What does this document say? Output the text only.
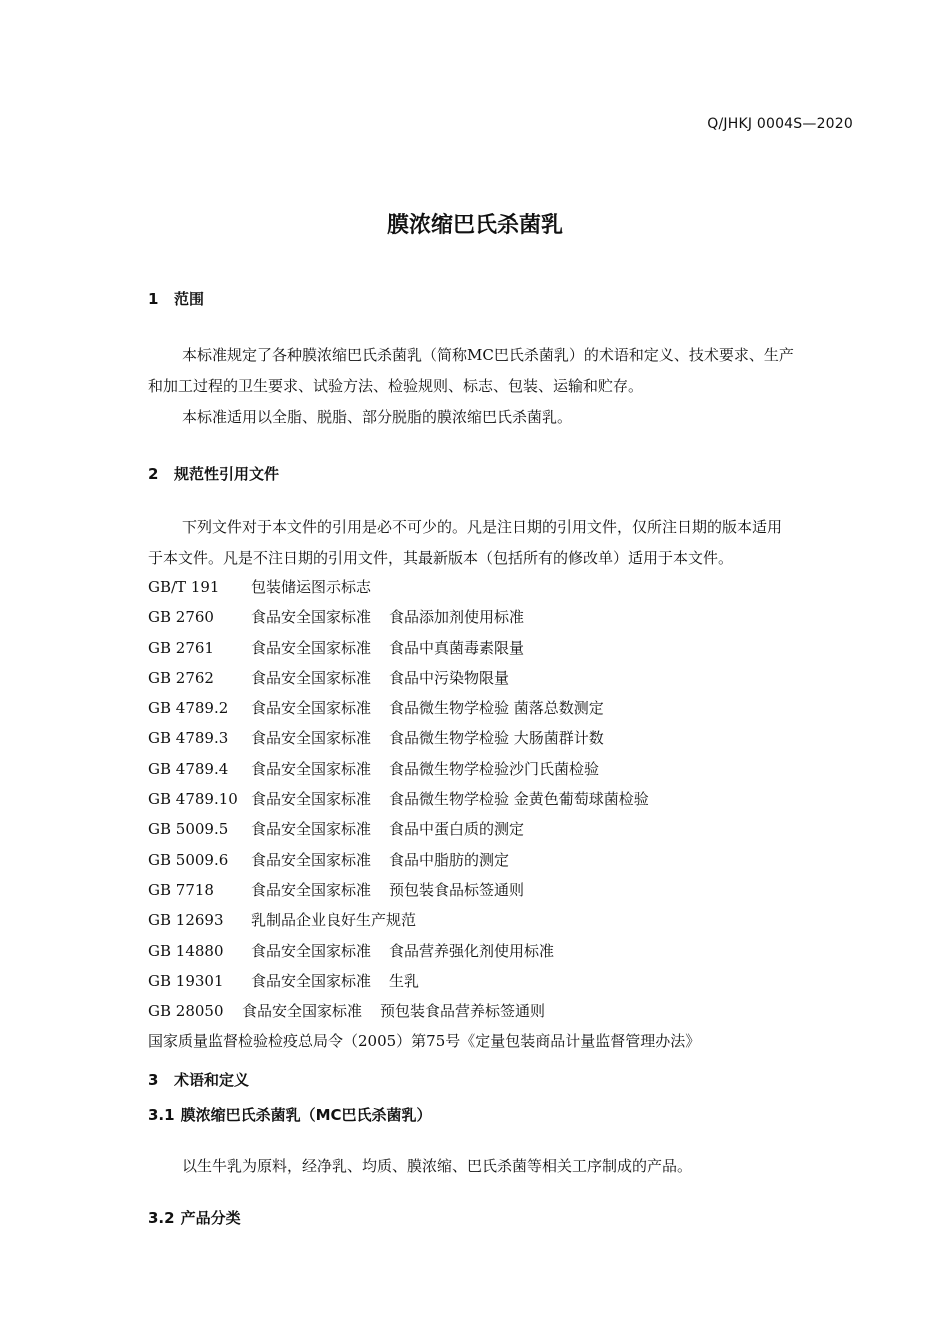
Q/JHKJ 0004S—2020
膜浓缩巴氏杀菌乳
1 范围
本标准规定了各种膜浓缩巴氏杀菌乳（简称MC巴氏杀菌乳）的术语和定义、技术要求、生产
和加工过程的卫生要求、试验方法、检验规则、标志、包装、运输和贮存。
本标准适用以全脂、脱脂、部分脱脂的膜浓缩巴氏杀菌乳。
2 规范性引用文件
下列文件对于本文件的引用是必不可少的。凡是注日期的引用文件，仅所注日期的版本适用
于本文件。凡是不注日期的引用文件，其最新版本（包括所有的修改单）适用于本文件。
GB/T 191 包装储运图示标志
GB 2760 食品安全国家标准 食品添加剂使用标准
GB 2761 食品安全国家标准 食品中真菌毒素限量
GB 2762 食品安全国家标准 食品中污染物限量
GB 4789.2 食品安全国家标准 食品微生物学检验 菌落总数测定
GB 4789.3 食品安全国家标准 食品微生物学检验 大肠菌群计数
GB 4789.4 食品安全国家标准 食品微生物学检验沙门氏菌检验
GB 4789.10 食品安全国家标准 食品微生物学检验 金黄色葡萄球菌检验
GB 5009.5 食品安全国家标准 食品中蛋白质的测定
GB 5009.6 食品安全国家标准 食品中脂肪的测定
GB 7718 食品安全国家标准 预包装食品标签通则
GB 12693 乳制品企业良好生产规范
GB 14880 食品安全国家标准 食品营养强化剂使用标准
GB 19301 食品安全国家标准 生乳
GB 28050 食品安全国家标准 预包装食品营养标签通则
国家质量监督检验检疫总局令（2005）第75号《定量包装商品计量监督管理办法》
3 术语和定义
3.1 膜浓缩巴氏杀菌乳（MC巴氏杀菌乳）
以生牛乳为原料，经净乳、均质、膜浓缩、巴氏杀菌等相关工序制成的产品。
3.2 产品分类
